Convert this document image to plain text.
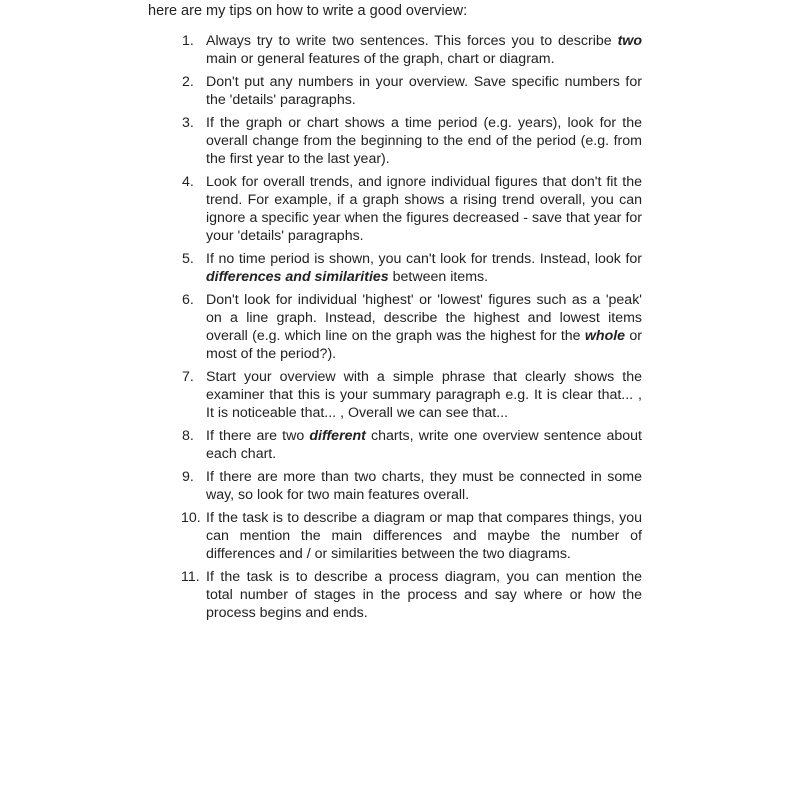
here are my tips on how to write a good overview:
1. Always try to write two sentences. This forces you to describe two main or general features of the graph, chart or diagram.
2. Don't put any numbers in your overview. Save specific numbers for the 'details' paragraphs.
3. If the graph or chart shows a time period (e.g. years), look for the overall change from the beginning to the end of the period (e.g. from the first year to the last year).
4. Look for overall trends, and ignore individual figures that don't fit the trend. For example, if a graph shows a rising trend overall, you can ignore a specific year when the figures decreased - save that year for your 'details' paragraphs.
5. If no time period is shown, you can't look for trends. Instead, look for differences and similarities between items.
6. Don't look for individual 'highest' or 'lowest' figures such as a 'peak' on a line graph. Instead, describe the highest and lowest items overall (e.g. which line on the graph was the highest for the whole or most of the period?).
7. Start your overview with a simple phrase that clearly shows the examiner that this is your summary paragraph e.g. It is clear that... , It is noticeable that... , Overall we can see that...
8. If there are two different charts, write one overview sentence about each chart.
9. If there are more than two charts, they must be connected in some way, so look for two main features overall.
10. If the task is to describe a diagram or map that compares things, you can mention the main differences and maybe the number of differences and / or similarities between the two diagrams.
11. If the task is to describe a process diagram, you can mention the total number of stages in the process and say where or how the process begins and ends.
